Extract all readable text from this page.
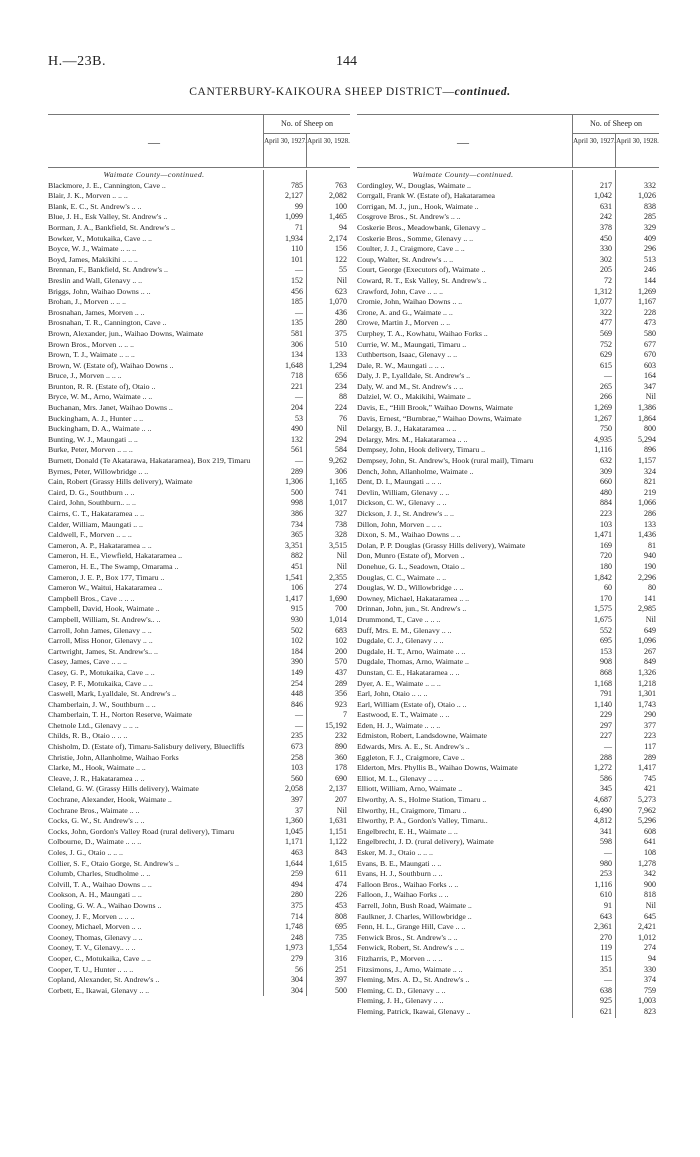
H.—23B.	144
CANTERBURY-KAIKOURA SHEEP DISTRICT—continued.
—
No. of Sheep on
April 30, 1927. April 30, 1928.
Waimate County—continued.
Blackmore, J. E., Cannington, Cave ..	785	763
Blair, J. K., Morven .. .. ..	2,127	2,082
Blank, E. C., St. Andrew's .. ..	99	100
Blue, J. H., Esk Valley, St. Andrew's ..	1,099	1,465
Borman, J. A., Bankfield, St. Andrew's ..	71	94
Bowker, V., Motukaika, Cave .. ..	1,934	2,174
Boyce, W. J., Waimate .. .. ..	110	156
Boyd, James, Makikihi .. .. ..	101	122
Brennan, F., Bankfield, St. Andrew's ..	—	55
Breslin and Wall, Glenavy .. ..	152	Nil
Briggs, John, Waihao Downs .. ..	456	623
Brohan, J., Morven .. .. ..	185	1,070
Brosnahan, James, Morven .. ..	—	436
Brosnahan, T. R., Cannington, Cave ..	135	280
Brown, Alexander, jun., Waihao Downs, Waimate	581	375
Brown Bros., Morven .. .. ..	306	510
Brown, T. J., Waimate .. .. ..	134	133
Brown, W. (Estate of), Waihao Downs ..	1,648	1,294
Bruce, J., Morven .. .. ..	718	656
Brunton, R. R. (Estate of), Otaio ..	221	234
Bryce, W. M., Arno, Waimate .. ..	—	88
Buchanan, Mrs. Janet, Waihao Downs ..	204	224
Buckingham, A. J., Hunter .. ..	53	76
Buckingham, D. A., Waimate .. ..	490	Nil
Bunting, W. J., Maungati .. ..	132	294
Burke, Peter, Morven .. .. ..	561	584
Burnett, Donald (Te Akatarawa, Hakataramea), Box 219, Timaru	—	9,262
Byrnes, Peter, Willowbridge .. ..	289	306
Cain, Robert (Grassy Hills delivery), Waimate	1,306	1,165
Caird, D. G., Southburn .. ..	500	741
Caird, John, Southburn.. .. ..	998	1,017
Cairns, C. T., Hakataramea .. ..	386	327
Calder, William, Maungati .. ..	734	738
Caldwell, F., Morven .. .. ..	365	328
Cameron, A. P., Hakataramea .. ..	3,351	3,515
Cameron, H. E., Viewfield, Hakataramea ..	882	Nil
Cameron, H. E., The Swamp, Omarama ..	451	Nil
Cameron, J. E. P., Box 177, Timaru ..	1,541	2,355
Cameron W., Waitui, Hakataramea ..	106	274
Campbell Bros., Cave .. .. ..	1,417	1,690
Campbell, David, Hook, Waimate ..	915	700
Campbell, William, St. Andrew's.. ..	930	1,014
Carroll, John James, Glenavy .. ..	502	683
Carroll, Miss Honor, Glenavy .. ..	102	102
Cartwright, James, St. Andrew's.. ..	184	200
Casey, James, Cave .. .. ..	390	570
Casey, G. P., Motukaika, Cave .. ..	149	437
Casey, P. F., Motukaika, Cave .. ..	254	289
Caswell, Mark, Lyalldale, St. Andrew's ..	448	356
Chamberlain, J. W., Southburn .. ..	846	923
Chamberlain, T. H., Norton Reserve, Waimate	—	7
Chetnole Ltd., Glenavy .. .. ..	—	15,192
Childs, R. B., Otaio .. .. ..	235	232
Chisholm, D. (Estate of), Timaru-Salisbury delivery, Bluecliffs	673	890
Christie, John, Allanholme, Waihao Forks	258	360
Clarke, M., Hook, Waimate .. ..	103	178
Cleave, J. R., Hakataramea .. ..	560	690
Cleland, G. W. (Grassy Hills delivery), Waimate	2,058	2,137
Cochrane, Alexander, Hook, Waimate ..	397	207
Cochrane Bros., Waimate .. ..	37	Nil
Cocks, G. W., St. Andrew's .. ..	1,360	1,631
Cocks, John, Gordon's Valley Road (rural delivery), Timaru	1,045	1,151
Colbourne, D., Waimate .. .. ..	1,171	1,122
Coles, J. G., Otaio .. .. ..	463	843
Collier, S. F., Otaio Gorge, St. Andrew's ..	1,644	1,615
Columb, Charles, Studholme .. ..	259	611
Colvill, T. A., Waihao Downs .. ..	494	474
Cookson, A. H., Maungati .. ..	280	226
Cooling, G. W. A., Waihao Downs ..	375	453
Cooney, J. F., Morven .. .. ..	714	808
Cooney, Michael, Morven .. ..	1,748	695
Cooney, Thomas, Glenavy .. ..	248	735
Cooney, T. V., Glenavy.. .. ..	1,973	1,554
Cooper, C., Motukaika, Cave .. ..	279	316
Cooper, T. U., Hunter .. .. ..	56	251
Copland, Alexander, St. Andrew's ..	304	397
Corbett, E., Ikawai, Glenavy .. ..	304	500
—
No. of Sheep on
April 30, 1927. April 30, 1928.
Waimate County—continued.
Cordingley, W., Douglas, Waimate ..	217	332
Corrgall, Frank W. (Estate of), Hakataramea	1,042	1,026
Corrigan, M. J., jun., Hook, Waimate ..	631	838
Cosgrove Bros., St. Andrew's .. ..	242	285
Coskerie Bros., Meadowbank, Glenavy ..	378	329
Coskerie Bros., Somme, Glenavy .. ..	450	409
Coulter, J. J., Craigmore, Cave .. ..	330	296
Coup, Walter, St. Andrew's .. ..	302	513
Court, George (Executors of), Waimate ..	205	246
Coward, R. T., Esk Valley, St. Andrew's ..	72	144
Crawford, John, Cave .. .. ..	1,312	1,269
Cromie, John, Waihao Downs .. ..	1,077	1,167
Crone, A. and G., Waimate .. ..	322	228
Crowe, Martin J., Morven .. ..	477	473
Curphey, T. A., Kowhatu, Waihao Forks ..	569	580
Currie, W. M., Maungati, Timaru ..	752	677
Cuthbertson, Isaac, Glenavy .. ..	629	670
Dale, R. W., Maungati .. .. ..	615	603
Daly, J. P., Lyalldale, St. Andrew's ..	—	164
Daly, W. and M., St. Andrew's .. ..	265	347
Dalziel, W. O., Makikihi, Waimate ..	266	Nil
Davis, E., “Hill Brook,” Waihao Downs, Waimate	1,269	1,386
Davis, Ernest, “Burnbrae,” Waihao Downs, Waimate	1,267	1,864
Delargy, B. J., Hakataramea .. ..	750	800
Delargy, Mrs. M., Hakataramea .. ..	4,935	5,294
Dempsey, John, Hook delivery, Timaru ..	1,116	896
Dempsey, John, St. Andrew's, Hook (rural mail), Timaru	632	1,157
Dench, John, Allanholme, Waimate ..	309	324
Dent, D. I., Maungati .. .. ..	660	821
Devlin, William, Glenavy .. ..	480	219
Dickson, C. W., Glenavy .. ..	884	1,066
Dickson, J. J., St. Andrew's .. ..	223	286
Dillon, John, Morven .. .. ..	103	133
Dixon, S. M., Waihao Downs .. ..	1,471	1,436
Dolan, P. P. Douglas (Grassy Hills delivery), Waimate	169	81
Don, Munro (Estate of), Morven ..	720	940
Donehue, G. L., Seadown, Otaio ..	180	190
Douglas, C. C., Waimate .. ..	1,842	2,296
Douglas, W. D., Willowbridge .. ..	60	80
Downey, Michael, Hakataramea .. ..	170	141
Drinnan, John, jun., St. Andrew's ..	1,575	2,985
Drummond, T., Cave .. .. ..	1,675	Nil
Duff, Mrs. E. M., Glenavy .. ..	552	649
Dugdale, C. J., Glenavy .. ..	695	1,096
Dugdale, H. T., Arno, Waimate .. ..	153	267
Dugdale, Thomas, Arno, Waimate ..	908	849
Dunstan, C. E., Hakataramea .. ..	868	1,326
Dyer, A. E., Waimate .. .. ..	1,168	1,218
Earl, John, Otaio .. .. ..	791	1,301
Earl, William (Estate of), Otaio .. ..	1,140	1,743
Eastwood, E. T., Waimate .. ..	229	290
Eden, H. J., Waimate .. .. ..	297	377
Edmiston, Robert, Landsdowne, Waimate	227	223
Edwards, Mrs. A. E., St. Andrew's ..	—	117
Eggleton, F. J., Craigmore, Cave ..	288	289
Elderton, Mrs. Phyllis B., Waihao Downs, Waimate	1,272	1,417
Elliot, M. L., Glenavy .. .. ..	586	745
Elliott, William, Arno, Waimate ..	345	421
Elworthy, A. S., Holme Station, Timaru ..	4,687	5,273
Elworthy, H., Craigmore, Timaru ..	6,490	7,962
Elworthy, P. A., Gordon's Valley, Timaru..	4,812	5,296
Engelbrecht, E. H., Waimate .. ..	341	608
Engelbrecht, J. D. (rural delivery), Waimate	598	641
Esker, M. J., Otaio .. .. ..	—	108
Evans, B. E., Maungati .. ..	980	1,278
Evans, H. J., Southburn .. ..	253	342
Falloon Bros., Waihao Forks .. ..	1,116	900
Falloon, J., Waihao Forks .. ..	610	818
Farrell, John, Bush Road, Waimate ..	91	Nil
Faulkner, J. Charles, Willowbridge ..	643	645
Fenn, H. L., Grange Hill, Cave .. ..	2,361	2,421
Fenwick Bros., St. Andrew's .. ..	270	1,012
Fenwick, Robert, St. Andrew's .. ..	119	274
Fitzharris, P., Morven .. .. ..	115	94
Fitzsimons, J., Arno, Waimate .. ..	351	330
Fleming, Mrs. A. D., St. Andrew's ..	—	374
Fleming, C. D., Glenavy .. ..	638	759
Fleming, J. H., Glenavy .. ..	925	1,003
Fleming, Patrick, Ikawai, Glenavy ..	621	823
